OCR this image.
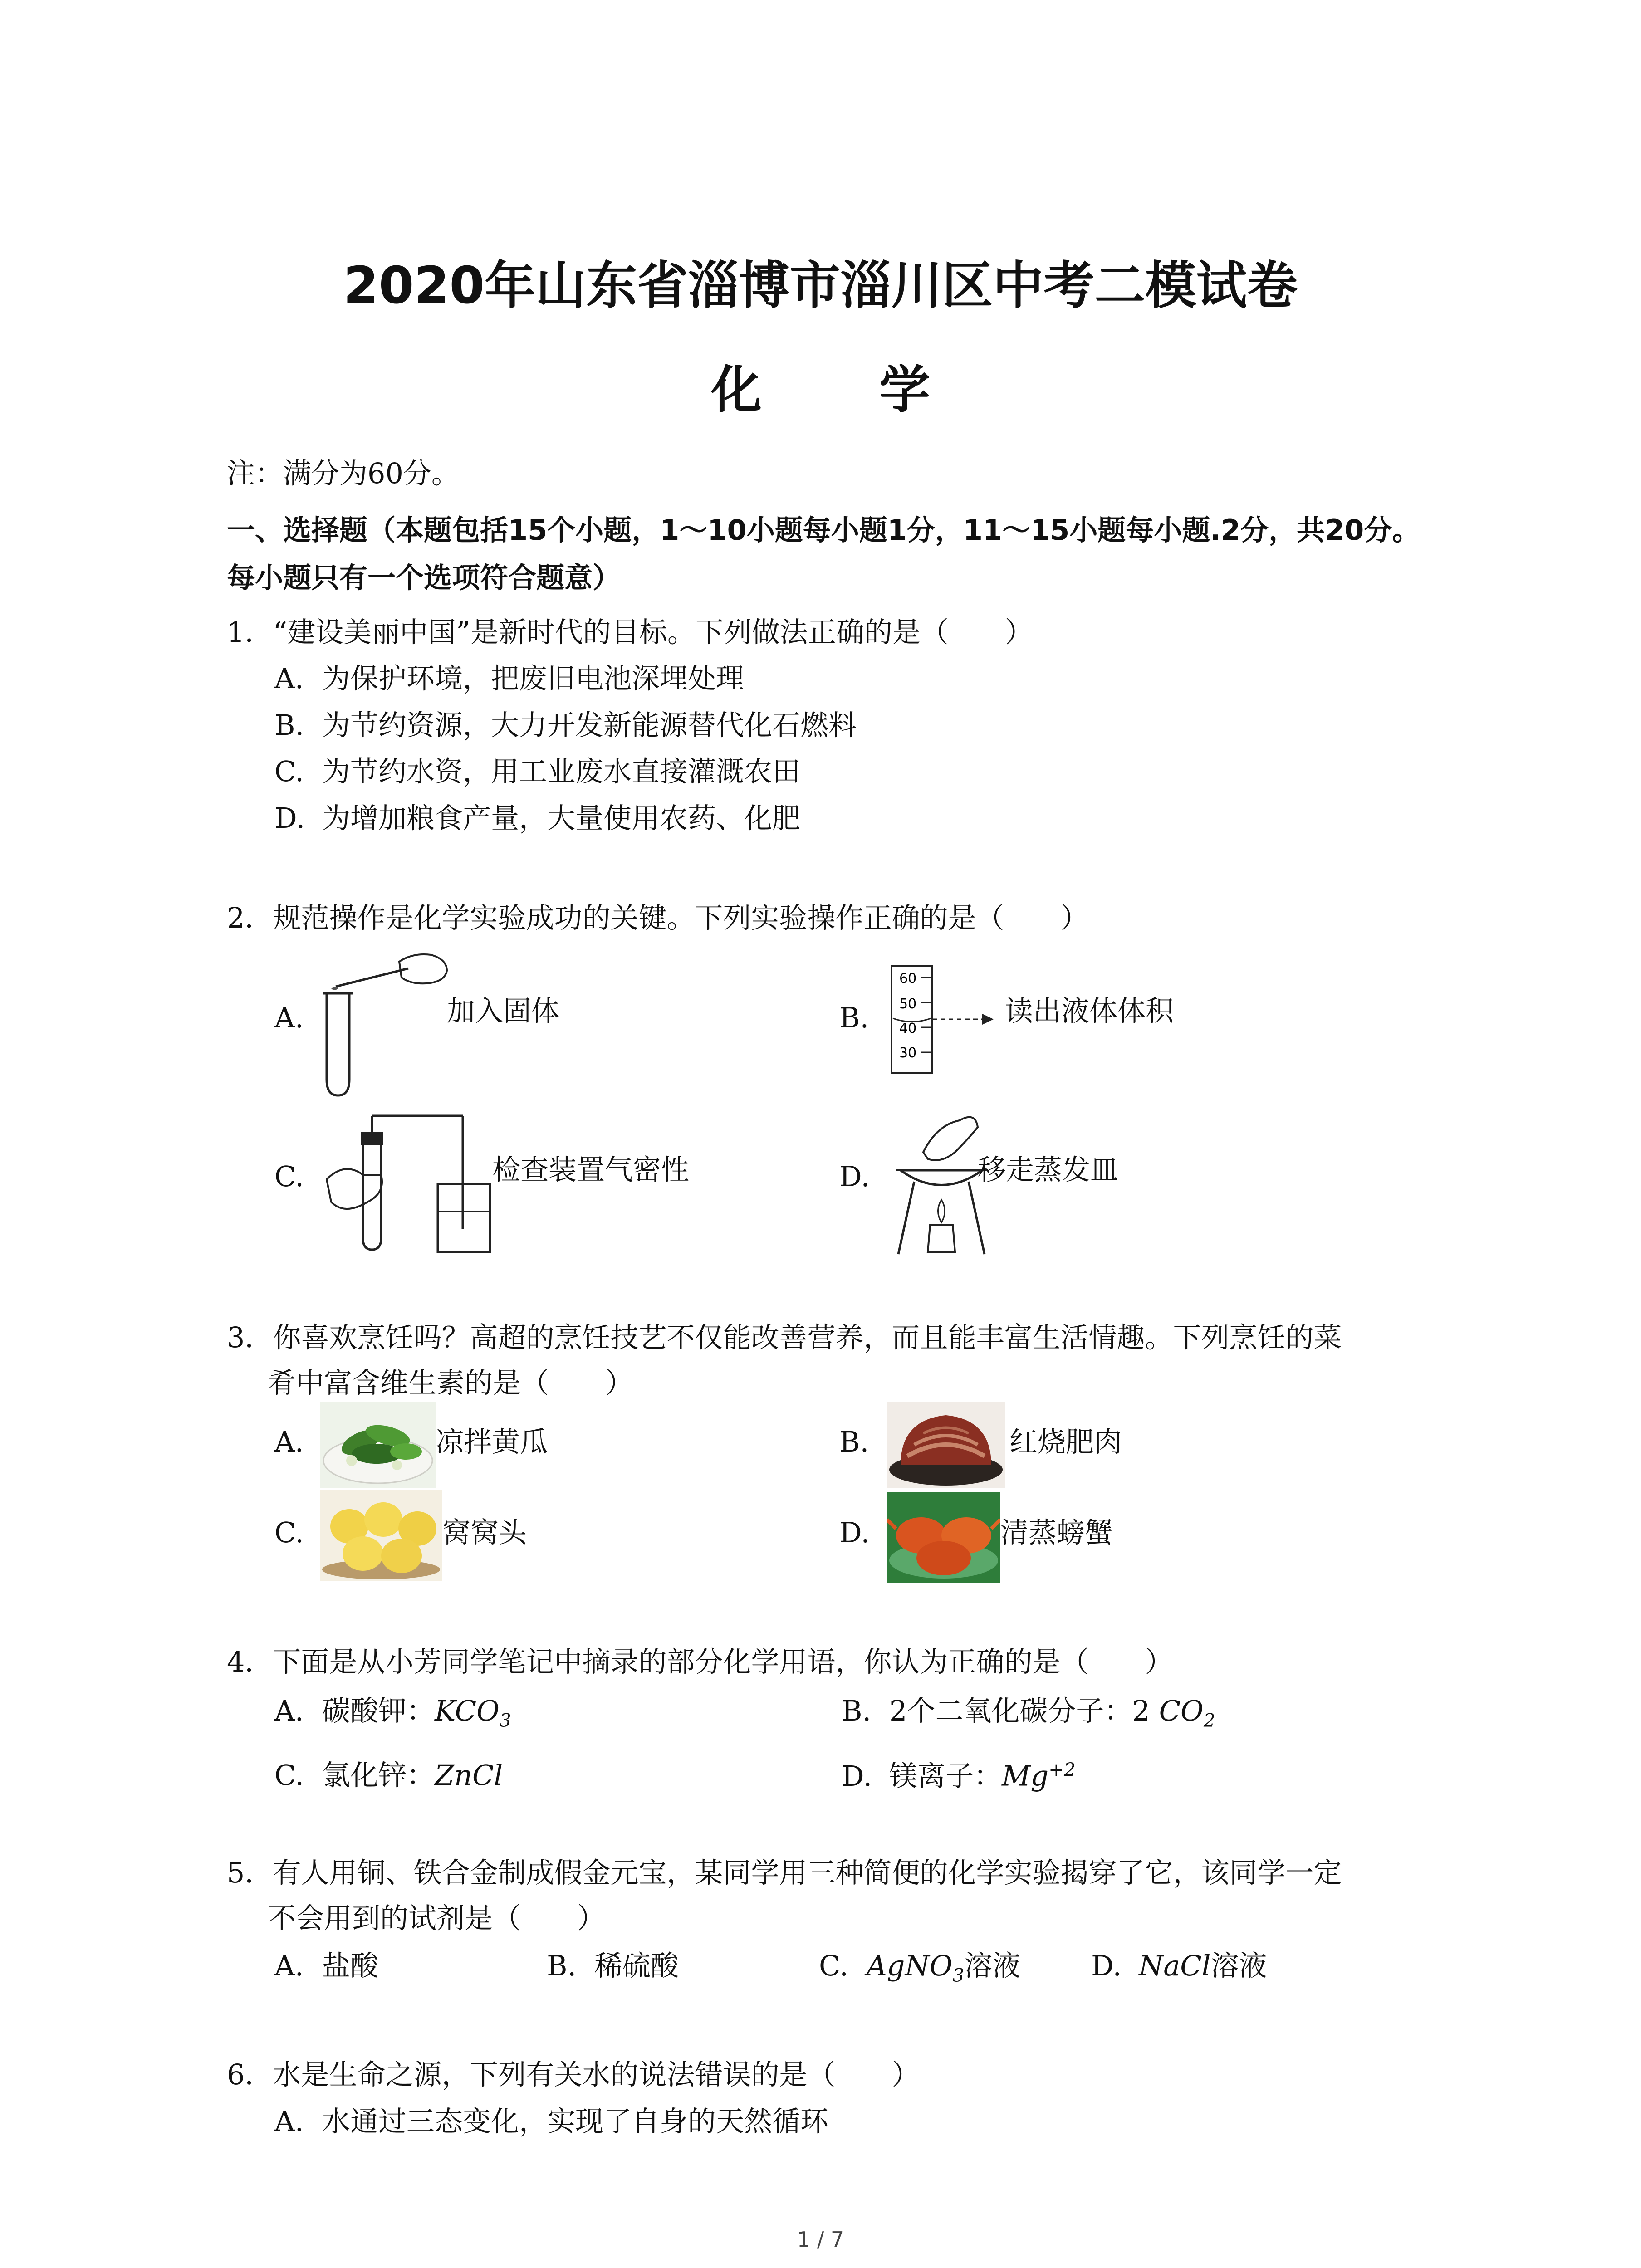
2020年山东省淄博市淄川区中考二模试卷
化 学
注：满分为60分。
一、选择题（本题包括15个小题，1～10小题每小题1分，11～15小题每小题.2分，共20分。
每小题只有一个选项符合题意）
1．“建设美丽中国”是新时代的目标。下列做法正确的是（　　）
A. 为保护环境，把废旧电池深埋处理
B. 为节约资源，大力开发新能源替代化石燃料
C. 为节约水资，用工业废水直接灌溉农田
D. 为增加粮食产量，大量使用农药、化肥
2．规范操作是化学实验成功的关键。下列实验操作正确的是（　　）
A.	加入固体	B.
60
50
40
30
读出液体体积
C.	检查装置气密性	D.	移走蒸发皿
3．你喜欢烹饪吗？高超的烹饪技艺不仅能改善营养，而且能丰富生活情趣。下列烹饪的菜
肴中富含维生素的是（　　）
A.	凉拌黄瓜	B.	红烧肥肉
C.	窝窝头	D.	清蒸螃蟹
4．下面是从小芳同学笔记中摘录的部分化学用语，你认为正确的是（　　）
A. 碳酸钾：$KCO_3$	B. 2个二氧化碳分子：2 $CO_2$
C. 氯化锌：ZnCl	D. 镁离子：$Mg^{+2}$
5．有人用铜、铁合金制成假金元宝，某同学用三种简便的化学实验揭穿了它，该同学一定
不会用到的试剂是（　　）
A. 盐酸	B. 稀硫酸	C. AgNO$_3$溶液	D. NaCl溶液
6．水是生命之源，下列有关水的说法错误的是（　　）
A. 水通过三态变化，实现了自身的天然循环
1 / 7
